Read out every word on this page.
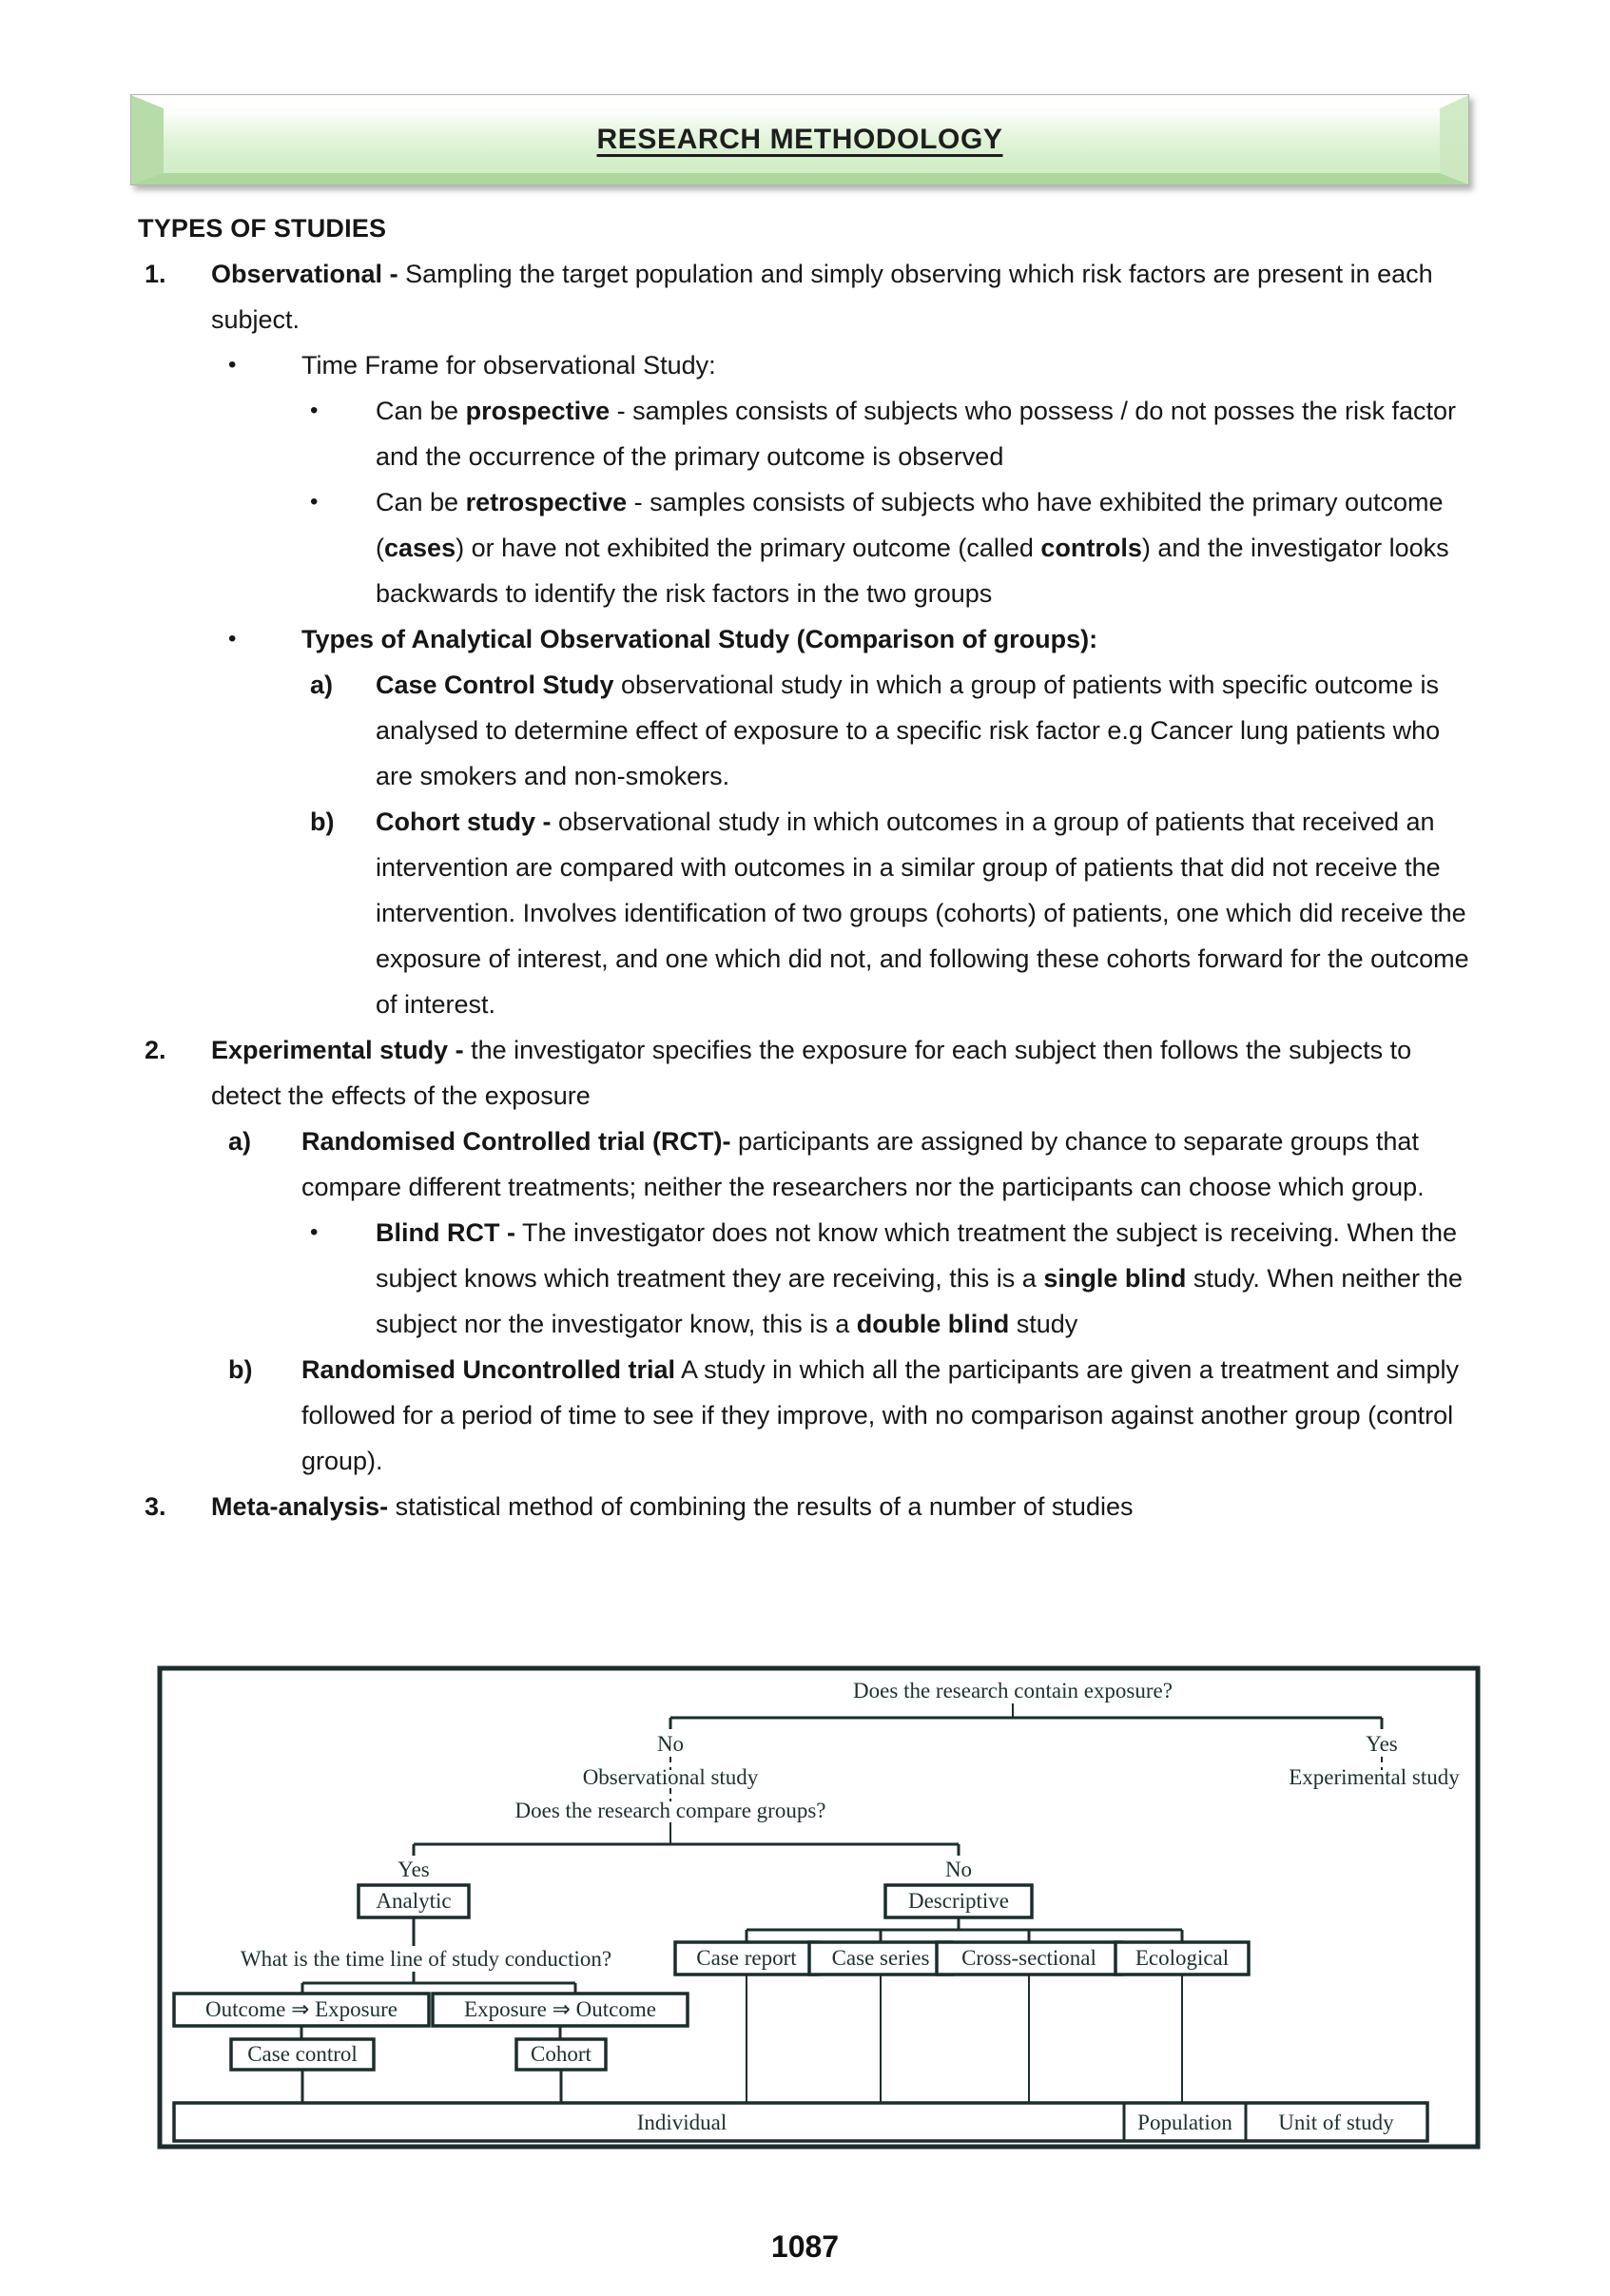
RESEARCH METHODOLOGY
TYPES OF STUDIES
1. Observational - Sampling the target population and simply observing which risk factors are present in each subject.
•	Time Frame for observational Study:
• Can be prospective - samples consists of subjects who possess / do not posses the risk factor and the occurrence of the primary outcome is observed
• Can be retrospective - samples consists of subjects who have exhibited the primary outcome (cases) or have not exhibited the primary outcome (called controls) and the investigator looks backwards to identify the risk factors in the two groups
•	Types of Analytical Observational Study (Comparison of groups):
a) Case Control Study observational study in which a group of patients with specific outcome is analysed to determine effect of exposure to a specific risk factor e.g Cancer lung patients who are smokers and non-smokers.
b) Cohort study - observational study in which outcomes in a group of patients that received an intervention are compared with outcomes in a similar group of patients that did not receive the intervention. Involves identification of two groups (cohorts) of patients, one which did receive the exposure of interest, and one which did not, and following these cohorts forward for the outcome of interest.
2. Experimental study - the investigator specifies the exposure for each subject then follows the subjects to detect the effects of the exposure
a) Randomised Controlled trial (RCT)- participants are assigned by chance to separate groups that compare different treatments; neither the researchers nor the participants can choose which group.
• Blind RCT - The investigator does not know which treatment the subject is receiving. When the subject knows which treatment they are receiving, this is a single blind study. When neither the subject nor the investigator know, this is a double blind study
b) Randomised Uncontrolled trial A study in which all the participants are given a treatment and simply followed for a period of time to see if they improve, with no comparison against another group (control group).
3. Meta-analysis- statistical method of combining the results of a number of studies
Does the research contain exposure?
No	Yes
Observational study	Experimental study
Does the research compare groups?
Yes	No
What is the time line of study conduction?
Analytic	Descriptive
Outcome ⇒ Exposure	Exposure ⇒ Outcome
Case control	Cohort
Case report Case series Cross-sectional Ecological
Individual	Population Unit of study
1087
